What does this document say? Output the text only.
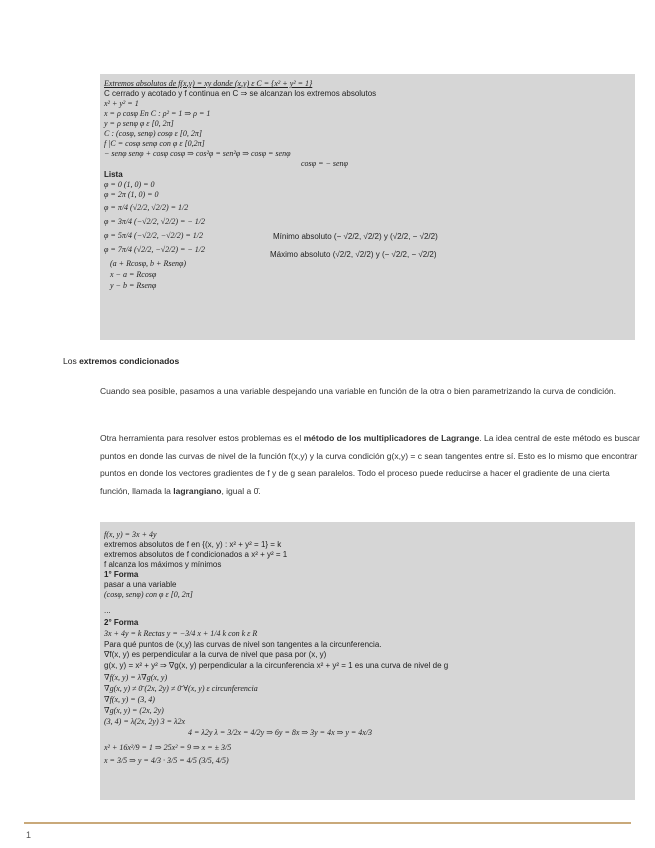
Extremos absolutos de f(x,y) = xy donde (x,y) ε C = {x² + y² = 1}
C cerrado y acotado y f continua en C ⇒ se alcanzan los extremos absolutos
x² + y² = 1
x = ρ cosφ En C : ρ² = 1 ⇒ ρ = 1
y = ρ senφ φ ε [0, 2π]
C : (cosφ, senφ) cosφ ε [0, 2π]
f |C = cosφ senφ con φ ε [0,2π]
− senφ senφ + cosφ cosφ ⇒ cos²φ = sen²φ ⇒ cosφ = senφ
cosφ = − senφ
Lista
φ = 0 (1, 0) = 0
φ = 2π (1, 0) = 0
φ = π/4 (√2/2, √2/2) = 1/2
φ = 3π/4 (−√2/2, √2/2) = − 1/2
φ = 5π/4 (−√2/2, −√2/2) = 1/2
φ = 7π/4 (√2/2, −√2/2) = − 1/2
(a + Rcosφ, b + Rsenφ)
x − a = Rcosφ
y − b = Rsenφ
Mínimo absoluto (− √2/2, √2/2) y (√2/2, − √2/2)
Máximo absoluto (√2/2, √2/2) y (− √2/2, − √2/2)
Los extremos condicionados
Cuando sea posible, pasamos a una variable despejando una variable en función de la otra o bien parametrizando la curva de condición.
Otra herramienta para resolver estos problemas es el método de los multiplicadores de Lagrange. La idea central de este método es buscar puntos en donde las curvas de nivel de la función f(x,y) y la curva condición g(x,y) = c sean tangentes entre sí. Esto es lo mismo que encontrar puntos en donde los vectores gradientes de f y de g sean paralelos. Todo el proceso puede reducirse a hacer el gradiente de una cierta función, llamada la lagrangiano, igual a 0̄.
f(x, y) = 3x + 4y
extremos absolutos de f en {(x, y) : x² + y² = 1} = k
extremos absolutos de f condicionados a x² + y² = 1
f alcanza los máximos y mínimos
1° Forma
pasar a una variable
(cosφ, senφ) con φ ε [0, 2π]
...
2° Forma
3x + 4y = k Rectas y = −3/4 x + 1/4 k con k ε R
Para qué puntos de (x,y) las curvas de nivel son tangentes a la circunferencia.
∇f(x, y) es perpendicular a la curva de nivel que pasa por (x, y)
g(x, y) = x² + y² ⇒ ∇g(x, y) perpendicular a la circunferencia x² + y² = 1 es una curva de nivel de g
∇f(x, y) = λ∇g(x, y)
∇g(x, y) ≠ 0̄ (2x, 2y) ≠ 0̄ ∀(x, y) ε circunferencia
∇f(x, y) = (3, 4)
∇g(x, y) = (2x, 2y)
(3, 4) = λ(2x, 2y) 3 = λ2x
4 = λ2y λ = 3/2x = 4/2y ⇒ 6y = 8x ⇒ 3y = 4x ⇒ y = 4x/3
x² + 16x²/9 = 1 ⇒ 25x² = 9 ⇒ x = ± 3/5
x = 3/5 ⇒ y = 4/3 · 3/5 = 4/5 (3/5, 4/5)
1
